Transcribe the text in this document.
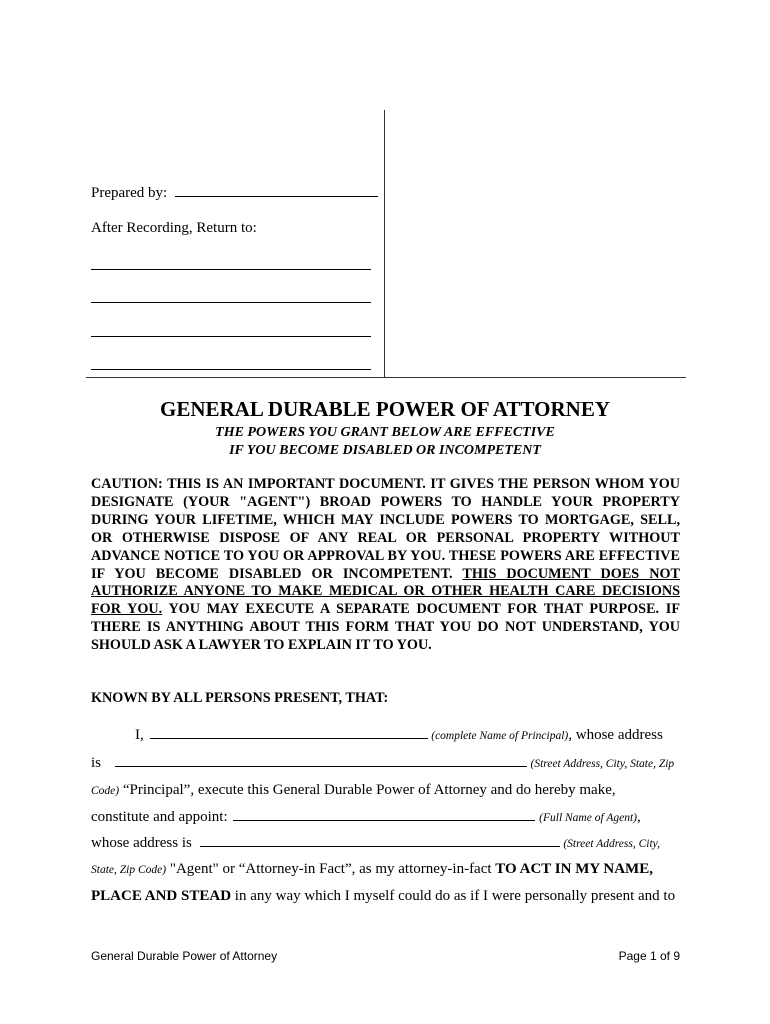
Prepared by:
After Recording, Return to:
GENERAL DURABLE POWER OF ATTORNEY
THE POWERS YOU GRANT BELOW ARE EFFECTIVE
IF YOU BECOME DISABLED OR INCOMPETENT
CAUTION: THIS IS AN IMPORTANT DOCUMENT. IT GIVES THE PERSON WHOM YOU DESIGNATE (YOUR "AGENT") BROAD POWERS TO HANDLE YOUR PROPERTY DURING YOUR LIFETIME, WHICH MAY INCLUDE POWERS TO MORTGAGE, SELL, OR OTHERWISE DISPOSE OF ANY REAL OR PERSONAL PROPERTY WITHOUT ADVANCE NOTICE TO YOU OR APPROVAL BY YOU. THESE POWERS ARE EFFECTIVE IF YOU BECOME DISABLED OR INCOMPETENT. THIS DOCUMENT DOES NOT AUTHORIZE ANYONE TO MAKE MEDICAL OR OTHER HEALTH CARE DECISIONS FOR YOU. YOU MAY EXECUTE A SEPARATE DOCUMENT FOR THAT PURPOSE. IF THERE IS ANYTHING ABOUT THIS FORM THAT YOU DO NOT UNDERSTAND, YOU SHOULD ASK A LAWYER TO EXPLAIN IT TO YOU.
KNOWN BY ALL PERSONS PRESENT, THAT:
I,	(complete Name of Principal), whose address
is	(Street Address, City, State, Zip
Code) “Principal”, execute this General Durable Power of Attorney and do hereby make,
constitute and appoint:	(Full Name of Agent),
whose address is	(Street Address, City,
State, Zip Code) "Agent" or “Attorney-in Fact”, as my attorney-in-fact TO ACT IN MY NAME,
PLACE AND STEAD in any way which I myself could do as if I were personally present and to
General Durable Power of Attorney	Page 1 of 9
